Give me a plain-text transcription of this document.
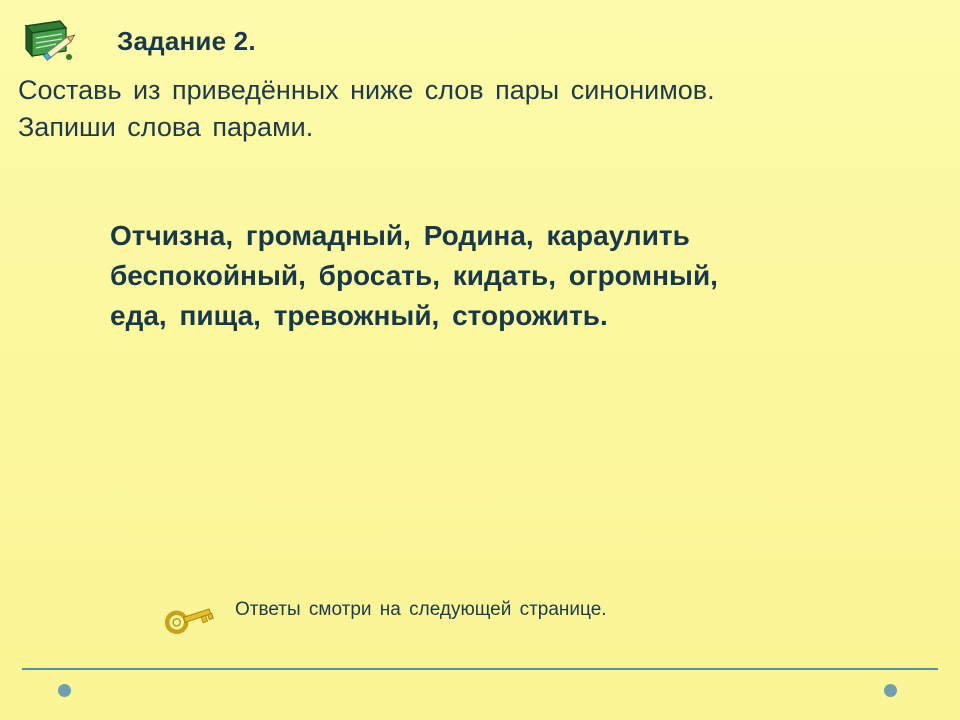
Задание 2.
Составь из приведённых ниже слов пары синонимов.
Запиши слова парами.
Отчизна, громадный, Родина, караулить
беспокойный, бросать, кидать, огромный,
еда, пища, тревожный, сторожить.
Ответы смотри на следующей странице.
